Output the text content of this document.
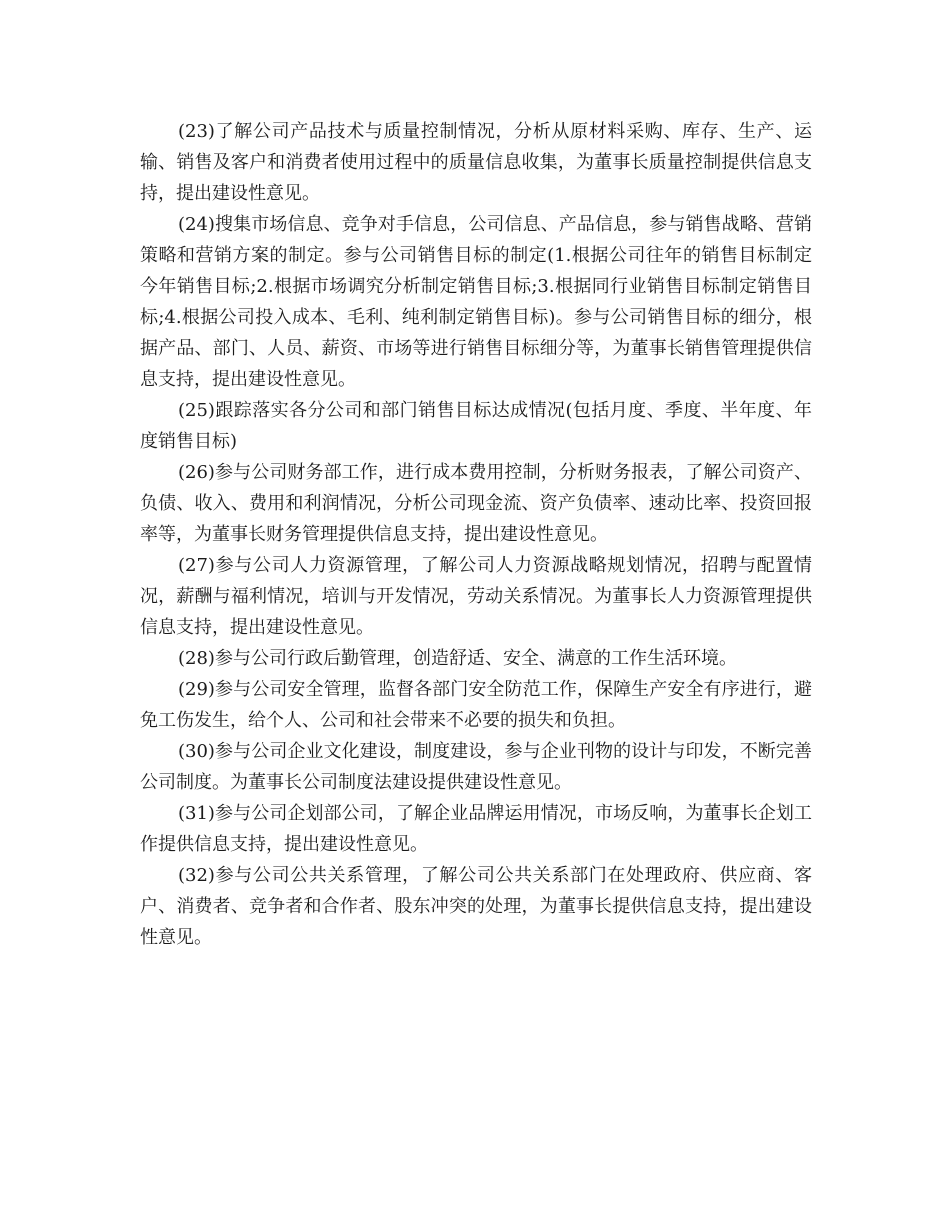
(23)了解公司产品技术与质量控制情况，分析从原材料采购、库存、生产、运输、销售及客户和消费者使用过程中的质量信息收集，为董事长质量控制提供信息支持，提出建设性意见。

(24)搜集市场信息、竞争对手信息，公司信息、产品信息，参与销售战略、营销策略和营销方案的制定。参与公司销售目标的制定(1.根据公司往年的销售目标制定今年销售目标;2.根据市场调究分析制定销售目标;3.根据同行业销售目标制定销售目标;4.根据公司投入成本、毛利、纯利制定销售目标)。参与公司销售目标的细分，根据产品、部门、人员、薪资、市场等进行销售目标细分等，为董事长销售管理提供信息支持，提出建设性意见。

(25)跟踪落实各分公司和部门销售目标达成情况(包括月度、季度、半年度、年度销售目标)

(26)参与公司财务部工作，进行成本费用控制，分析财务报表，了解公司资产、负债、收入、费用和利润情况，分析公司现金流、资产负债率、速动比率、投资回报率等，为董事长财务管理提供信息支持，提出建设性意见。

(27)参与公司人力资源管理，了解公司人力资源战略规划情况，招聘与配置情况，薪酬与福利情况，培训与开发情况，劳动关系情况。为董事长人力资源管理提供信息支持，提出建设性意见。

(28)参与公司行政后勤管理，创造舒适、安全、满意的工作生活环境。

(29)参与公司安全管理，监督各部门安全防范工作，保障生产安全有序进行，避免工伤发生，给个人、公司和社会带来不必要的损失和负担。

(30)参与公司企业文化建设，制度建设，参与企业刊物的设计与印发，不断完善公司制度。为董事长公司制度法建设提供建设性意见。

(31)参与公司企划部公司，了解企业品牌运用情况，市场反响，为董事长企划工作提供信息支持，提出建设性意见。

(32)参与公司公共关系管理，了解公司公共关系部门在处理政府、供应商、客户、消费者、竞争者和合作者、股东冲突的处理，为董事长提供信息支持，提出建设性意见。
